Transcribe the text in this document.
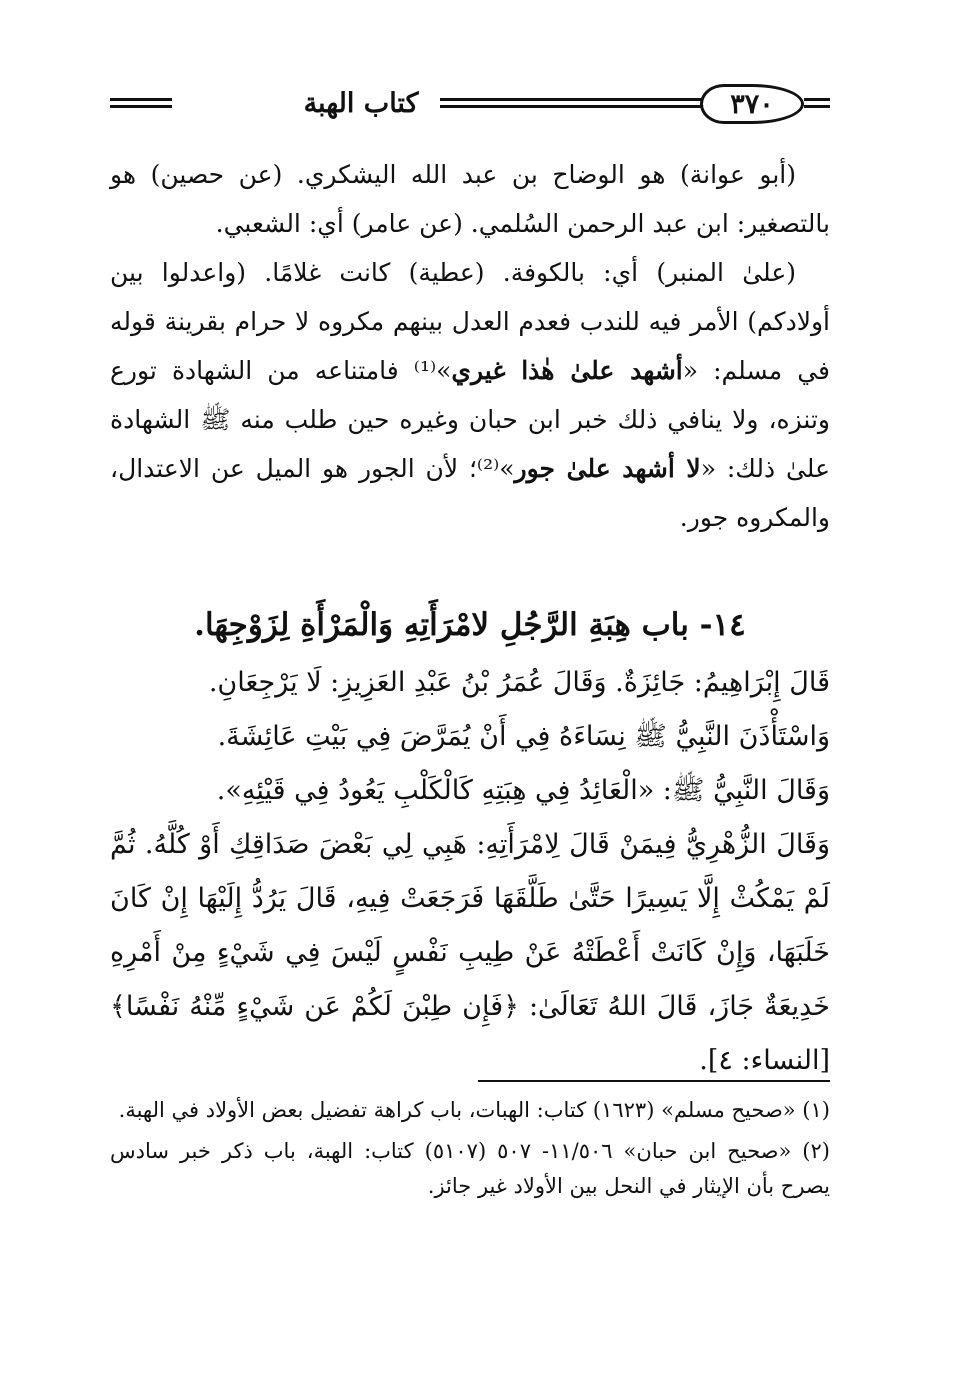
كتاب الهبة	٣٧٠

(أبو عوانة) هو الوضاح بن عبد الله اليشكري. (عن حصين) هو بالتصغير: ابن عبد الرحمن السُلمي. (عن عامر) أي: الشعبي.

(علىٰ المنبر) أي: بالكوفة. (عطية) كانت غلامًا. (واعدلوا بين أولادكم) الأمر فيه للندب فعدم العدل بينهم مكروه لا حرام بقرينة قوله في مسلم: «أشهد علىٰ هٰذا غيري»⁽¹⁾ فامتناعه من الشهادة تورع وتنزه، ولا ينافي ذلك خبر ابن حبان وغيره حين طلب منه ﷺ الشهادة علىٰ ذلك: «لا أشهد علىٰ جور»⁽²⁾؛ لأن الجور هو الميل عن الاعتدال، والمكروه جور.

١٤- باب هِبَةِ الرَّجُلِ لامْرَأَتِهِ وَالْمَرْأَةِ لِزَوْجِهَا.

قَالَ إِبْرَاهِيمُ: جَائِزَةٌ. وَقَالَ عُمَرُ بْنُ عَبْدِ العَزِيزِ: لَا يَرْجِعَانِ.

وَاسْتَأْذَنَ النَّبِيُّ ﷺ نِسَاءَهُ فِي أَنْ يُمَرَّضَ فِي بَيْتِ عَائِشَةَ.

وَقَالَ النَّبِيُّ ﷺ: «الْعَائِدُ فِي هِبَتِهِ كَالْكَلْبِ يَعُودُ فِي قَيْئِهِ».

وَقَالَ الزُّهْرِيُّ فِيمَنْ قَالَ لِامْرَأَتِهِ: هَبِي لِي بَعْضَ صَدَاقِكِ أَوْ كُلَّهُ. ثُمَّ لَمْ يَمْكُثْ إِلَّا يَسِيرًا حَتَّىٰ طَلَّقَهَا فَرَجَعَتْ فِيهِ، قَالَ يَرُدُّ إِلَيْهَا إِنْ كَانَ خَلَبَهَا، وَإِنْ كَانَتْ أَعْطَتْهُ عَنْ طِيبِ نَفْسٍ لَيْسَ فِي شَيْءٍ مِنْ أَمْرِهِ خَدِيعَةٌ جَازَ، قَالَ اللهُ تَعَالَىٰ: ﴿فَإِن طِبْنَ لَكُمْ عَن شَيْءٍ مِّنْهُ نَفْسًا﴾ [النساء: ٤].

(١) «صحيح مسلم» (١٦٢٣) كتاب: الهبات، باب كراهة تفضيل بعض الأولاد في الهبة.

(٢) «صحيح ابن حبان» ١١/٥٠٦- ٥٠٧ (٥١٠٧) كتاب: الهبة، باب ذكر خبر سادس يصرح بأن الإيثار في النحل بين الأولاد غير جائز.
